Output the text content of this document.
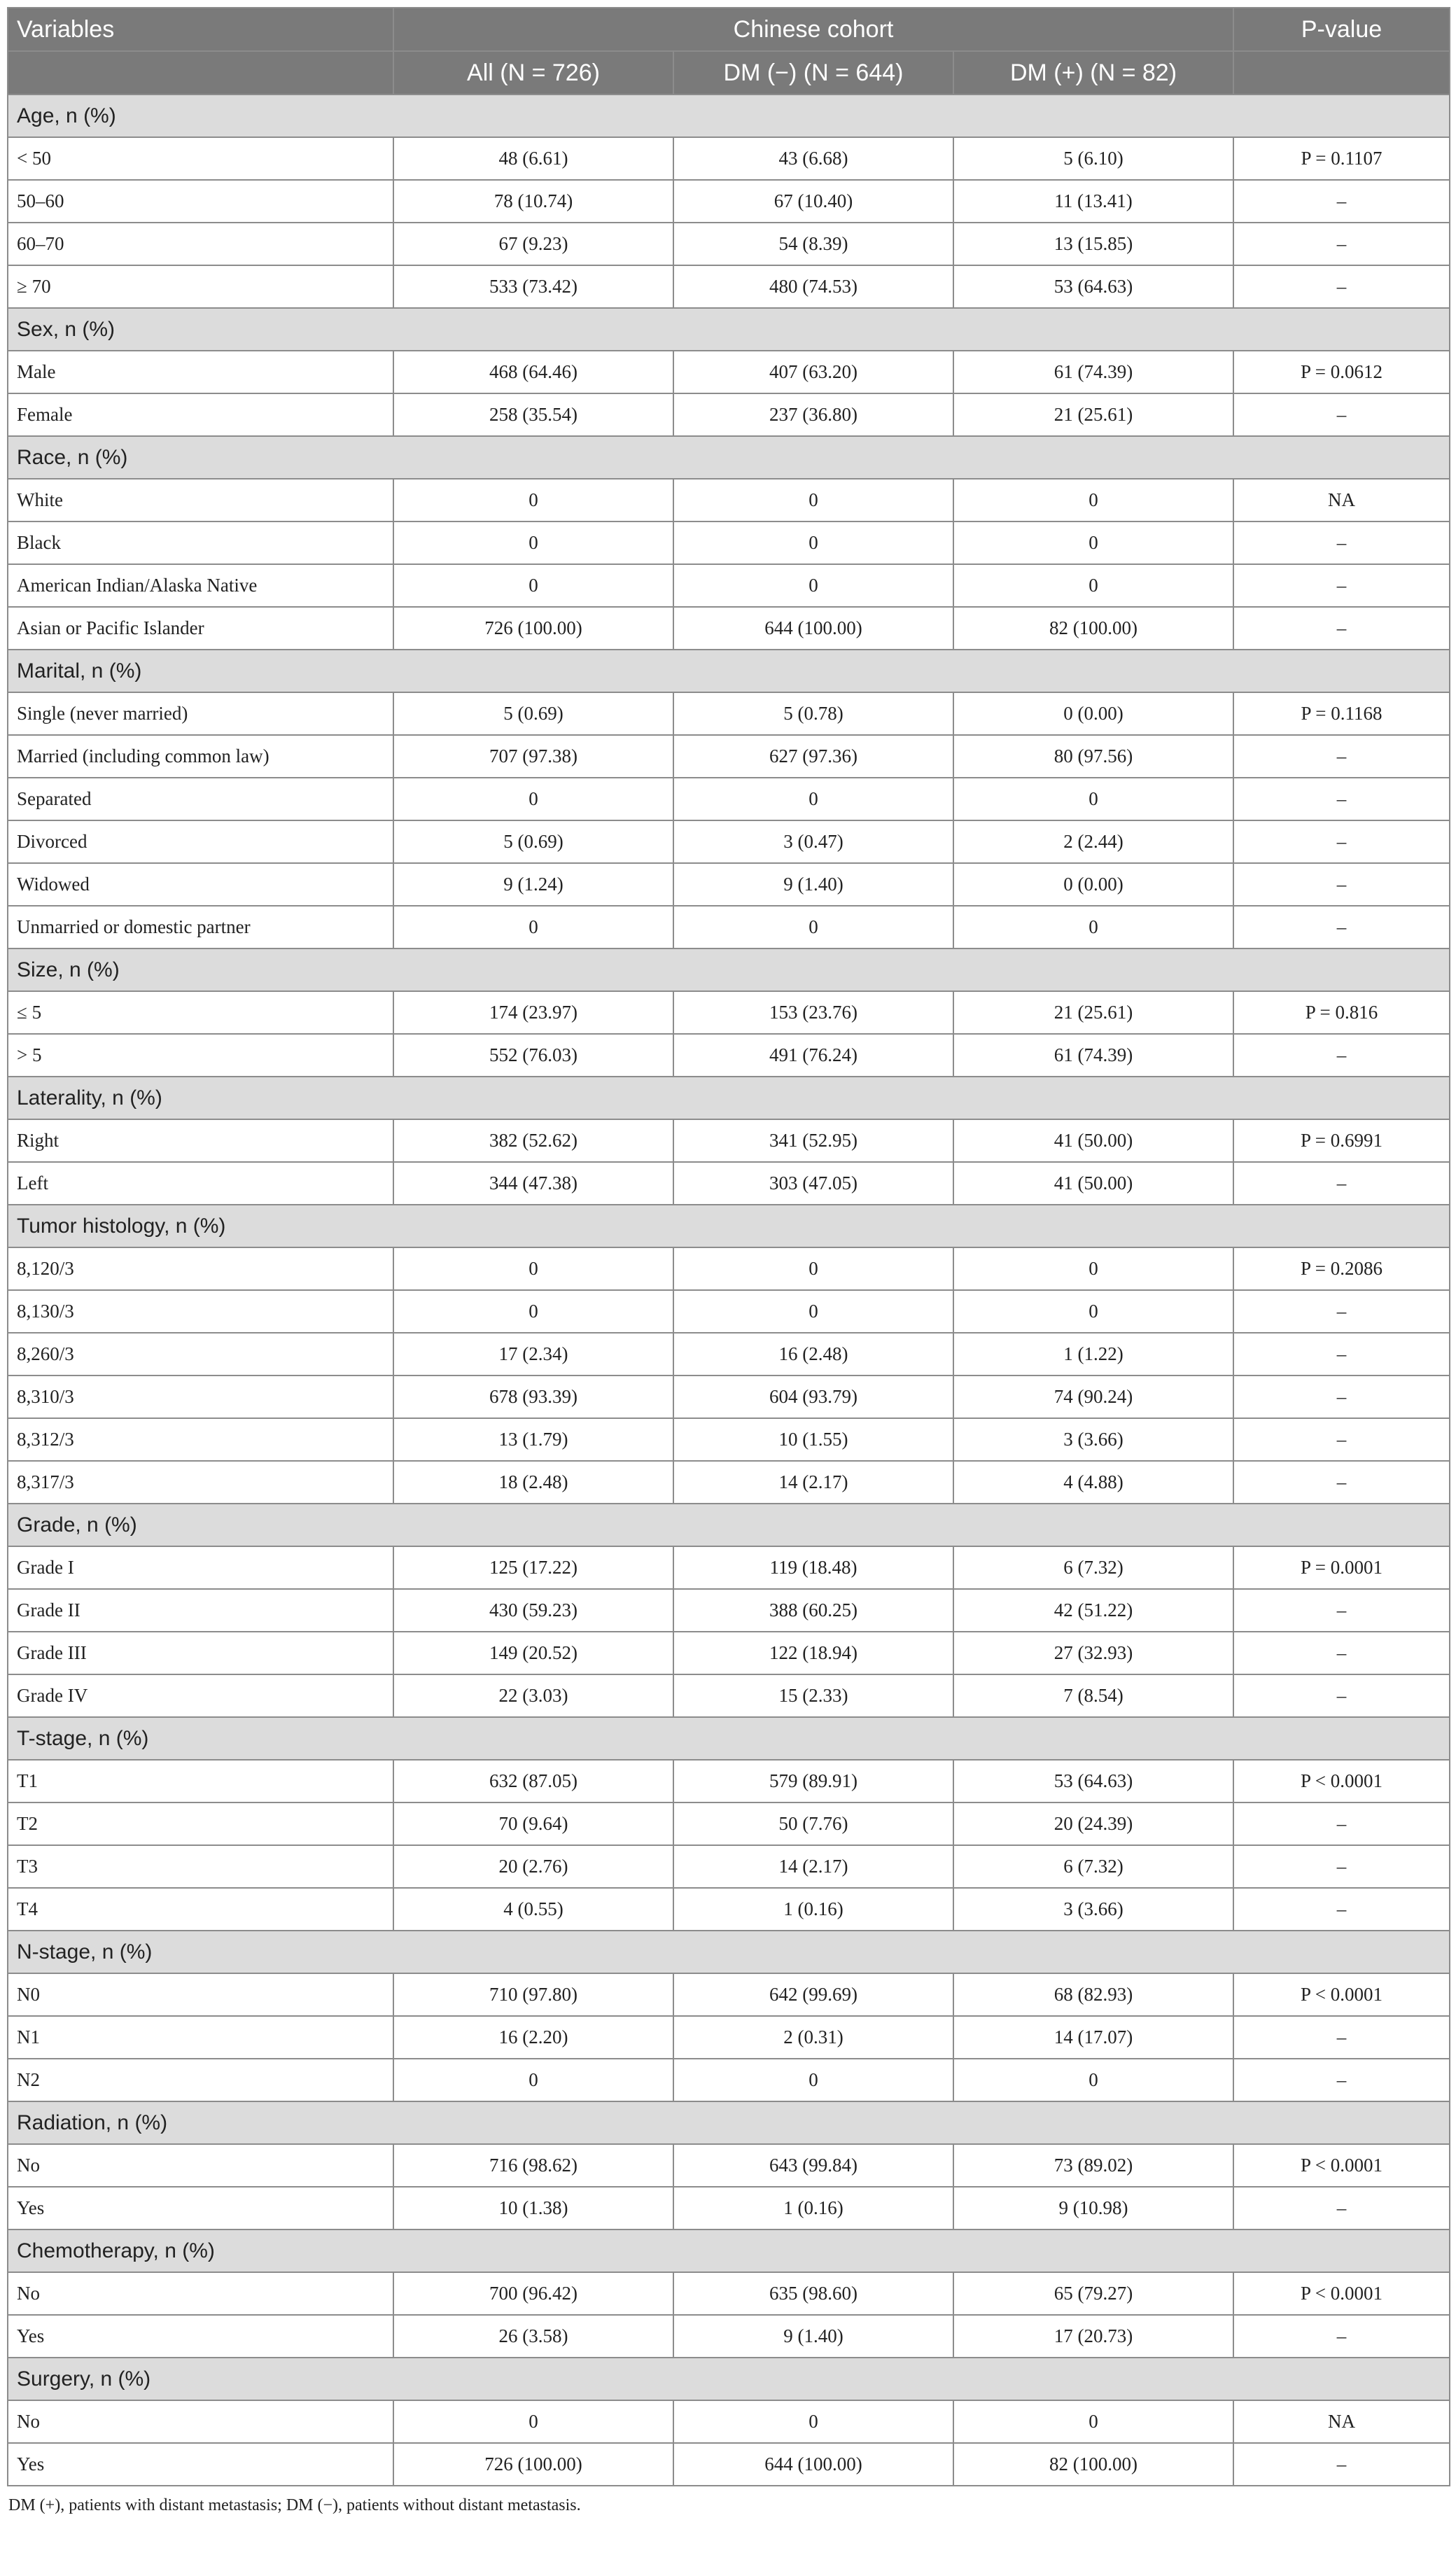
Variables	Chinese cohort			P-value
	All (N = 726)	DM (−) (N = 644)	DM (+) (N = 82)	
Age, n (%)				
< 50	48 (6.61)	43 (6.68)	5 (6.10)	P = 0.1107
50–60	78 (10.74)	67 (10.40)	11 (13.41)	–
60–70	67 (9.23)	54 (8.39)	13 (15.85)	–
≥ 70	533 (73.42)	480 (74.53)	53 (64.63)	–
Sex, n (%)				
Male	468 (64.46)	407 (63.20)	61 (74.39)	P = 0.0612
Female	258 (35.54)	237 (36.80)	21 (25.61)	–
Race, n (%)				
White	0	0	0	NA
Black	0	0	0	–
American Indian/Alaska Native	0	0	0	–
Asian or Pacific Islander	726 (100.00)	644 (100.00)	82 (100.00)	–
Marital, n (%)				
Single (never married)	5 (0.69)	5 (0.78)	0 (0.00)	P = 0.1168
Married (including common law)	707 (97.38)	627 (97.36)	80 (97.56)	–
Separated	0	0	0	–
Divorced	5 (0.69)	3 (0.47)	2 (2.44)	–
Widowed	9 (1.24)	9 (1.40)	0 (0.00)	–
Unmarried or domestic partner	0	0	0	–
Size, n (%)				
≤ 5	174 (23.97)	153 (23.76)	21 (25.61)	P = 0.816
> 5	552 (76.03)	491 (76.24)	61 (74.39)	–
Laterality, n (%)				
Right	382 (52.62)	341 (52.95)	41 (50.00)	P = 0.6991
Left	344 (47.38)	303 (47.05)	41 (50.00)	–
Tumor histology, n (%)				
8,120/3	0	0	0	P = 0.2086
8,130/3	0	0	0	–
8,260/3	17 (2.34)	16 (2.48)	1 (1.22)	–
8,310/3	678 (93.39)	604 (93.79)	74 (90.24)	–
8,312/3	13 (1.79)	10 (1.55)	3 (3.66)	–
8,317/3	18 (2.48)	14 (2.17)	4 (4.88)	–
Grade, n (%)				
Grade I	125 (17.22)	119 (18.48)	6 (7.32)	P = 0.0001
Grade II	430 (59.23)	388 (60.25)	42 (51.22)	–
Grade III	149 (20.52)	122 (18.94)	27 (32.93)	–
Grade IV	22 (3.03)	15 (2.33)	7 (8.54)	–
T-stage, n (%)				
T1	632 (87.05)	579 (89.91)	53 (64.63)	P < 0.0001
T2	70 (9.64)	50 (7.76)	20 (24.39)	–
T3	20 (2.76)	14 (2.17)	6 (7.32)	–
T4	4 (0.55)	1 (0.16)	3 (3.66)	–
N-stage, n (%)				
N0	710 (97.80)	642 (99.69)	68 (82.93)	P < 0.0001
N1	16 (2.20)	2 (0.31)	14 (17.07)	–
N2	0	0	0	–
Radiation, n (%)				
No	716 (98.62)	643 (99.84)	73 (89.02)	P < 0.0001
Yes	10 (1.38)	1 (0.16)	9 (10.98)	–
Chemotherapy, n (%)				
No	700 (96.42)	635 (98.60)	65 (79.27)	P < 0.0001
Yes	26 (3.58)	9 (1.40)	17 (20.73)	–
Surgery, n (%)				
No	0	0	0	NA
Yes	726 (100.00)	644 (100.00)	82 (100.00)	–
DM (+), patients with distant metastasis; DM (−), patients without distant metastasis.
